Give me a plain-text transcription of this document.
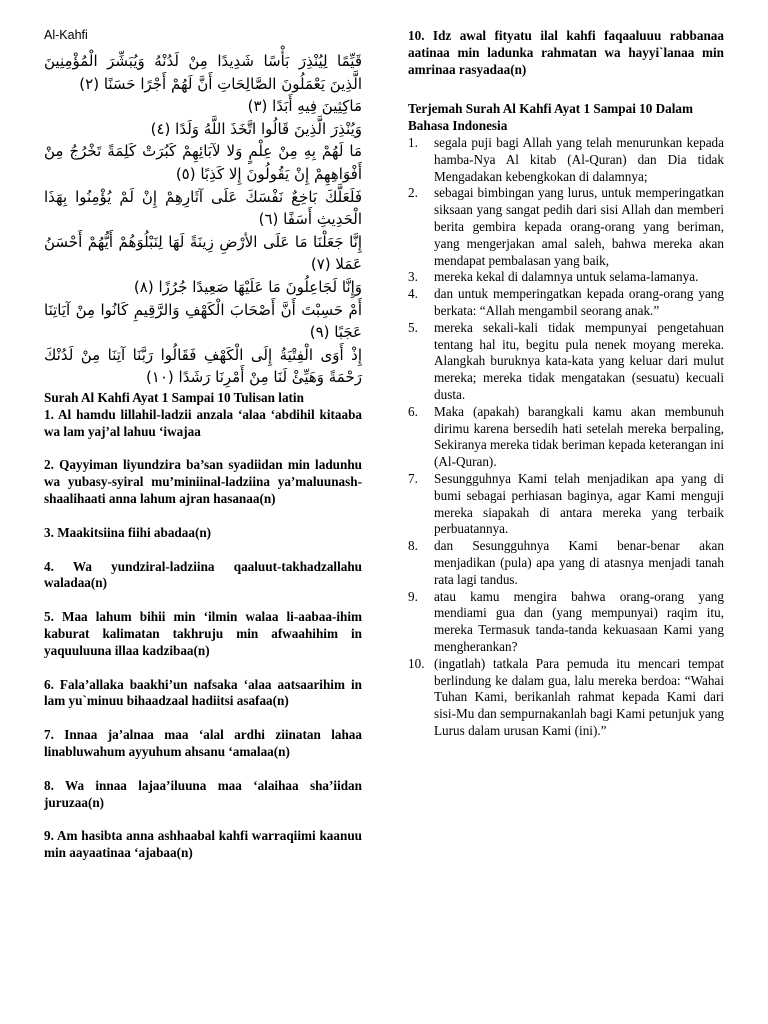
Al-Kahfi
قَيِّمًا لِيُنْذِرَ بَأْسًا شَدِيدًا مِنْ لَدُنْهُ وَيُبَشِّرَ الْمُؤْمِنِينَ الَّذِينَ يَعْمَلُونَ الصَّالِحَاتِ أَنَّ لَهُمْ أَجْرًا حَسَنًا (٢)
مَاكِثِينَ فِيهِ أَبَدًا (٣)
وَيُنْذِرَ الَّذِينَ قَالُوا اتَّخَذَ اللَّهُ وَلَدًا (٤)
مَا لَهُمْ بِهِ مِنْ عِلْمٍ وَلا لآبَائِهِمْ كَبُرَتْ كَلِمَةً تَخْرُجُ مِنْ أَفْوَاهِهِمْ إِنْ يَقُولُونَ إِلا كَذِبًا (٥)
فَلَعَلَّكَ بَاخِعٌ نَفْسَكَ عَلَى آثَارِهِمْ إِنْ لَمْ يُؤْمِنُوا بِهَذَا الْحَدِيثِ أَسَفًا (٦)
إِنَّا جَعَلْنَا مَا عَلَى الأرْضِ زِينَةً لَهَا لِنَبْلُوَهُمْ أَيُّهُمْ أَحْسَنُ عَمَلا (٧)
وَإِنَّا لَجَاعِلُونَ مَا عَلَيْهَا صَعِيدًا جُرُزًا (٨)
أَمْ حَسِبْتَ أَنَّ أَصْحَابَ الْكَهْفِ وَالرَّقِيمِ كَانُوا مِنْ آيَاتِنَا عَجَبًا (٩)
إِذْ أَوَى الْفِتْيَةُ إِلَى الْكَهْفِ فَقَالُوا رَبَّنَا آتِنَا مِنْ لَدُنْكَ رَحْمَةً وَهَيِّئْ لَنَا مِنْ أَمْرِنَا رَشَدًا (١٠)

Surah Al Kahfi Ayat 1 Sampai 10 Tulisan latin

1. Al hamdu lillahil-ladzii anzala ‘alaa ‘abdihil kitaaba wa lam yaj’al lahuu ‘iwajaa

2. Qayyiman liyundzira ba’san syadiidan min ladunhu wa yubasy-syiral mu’miniinal-ladziina ya’maluunash-shaalihaati anna lahum ajran hasanaa(n)

3. Maakitsiina fiihi abadaa(n)

4. Wa yundziral-ladziina qaaluut-takhadzallahu waladaa(n)

5. Maa lahum bihii min ‘ilmin walaa li-aabaa-ihim kaburat kalimatan takhruju min afwaahihim in yaquuluuna illaa kadzibaa(n)

6. Fala’allaka baakhi’un nafsaka ‘alaa aatsaarihim in lam yu`minuu bihaadzaal hadiitsi asafaa(n)

7. Innaa ja’alnaa maa ‘alal ardhi ziinatan lahaa linabluwahum ayyuhum ahsanu ‘amalaa(n)

8. Wa innaa lajaa’iluuna maa ‘alaihaa sha’iidan juruzaa(n)

9. Am hasibta anna ashhaabal kahfi warraqiimi kaanuu min aayaatinaa ‘ajabaa(n)

10. Idz awal fityatu ilal kahfi faqaaluuu rabbanaa aatinaa min ladunka rahmatan wa hayyi`lanaa min amrinaa rasyadaa(n)

Terjemah Surah Al Kahfi Ayat 1 Sampai 10 Dalam Bahasa Indonesia

1.	segala puji bagi Allah yang telah menurunkan kepada hamba-Nya Al kitab (Al-Quran) dan Dia tidak Mengadakan kebengkokan di dalamnya;
2.	sebagai bimbingan yang lurus, untuk memperingatkan siksaan yang sangat pedih dari sisi Allah dan memberi berita gembira kepada orang-orang yang beriman, yang mengerjakan amal saleh, bahwa mereka akan mendapat pembalasan yang baik,
3.	mereka kekal di dalamnya untuk selama-lamanya.
4.	dan untuk memperingatkan kepada orang-orang yang berkata: “Allah mengambil seorang anak.”
5.	mereka sekali-kali tidak mempunyai pengetahuan tentang hal itu, begitu pula nenek moyang mereka. Alangkah buruknya kata-kata yang keluar dari mulut mereka; mereka tidak mengatakan (sesuatu) kecuali dusta.
6.	Maka (apakah) barangkali kamu akan membunuh dirimu karena bersedih hati setelah mereka berpaling, Sekiranya mereka tidak beriman kepada keterangan ini (Al-Quran).
7.	Sesungguhnya Kami telah menjadikan apa yang di bumi sebagai perhiasan baginya, agar Kami menguji mereka siapakah di antara mereka yang terbaik perbuatannya.
8.	dan Sesungguhnya Kami benar-benar akan menjadikan (pula) apa yang di atasnya menjadi tanah rata lagi tandus.
9.	atau kamu mengira bahwa orang-orang yang mendiami gua dan (yang mempunyai) raqim itu, mereka Termasuk tanda-tanda kekuasaan Kami yang mengherankan?
10. (ingatlah) tatkala Para pemuda itu mencari tempat berlindung ke dalam gua, lalu mereka berdoa: “Wahai Tuhan Kami, berikanlah rahmat kepada Kami dari sisi-Mu dan sempurnakanlah bagi Kami petunjuk yang Lurus dalam urusan Kami (ini).”
